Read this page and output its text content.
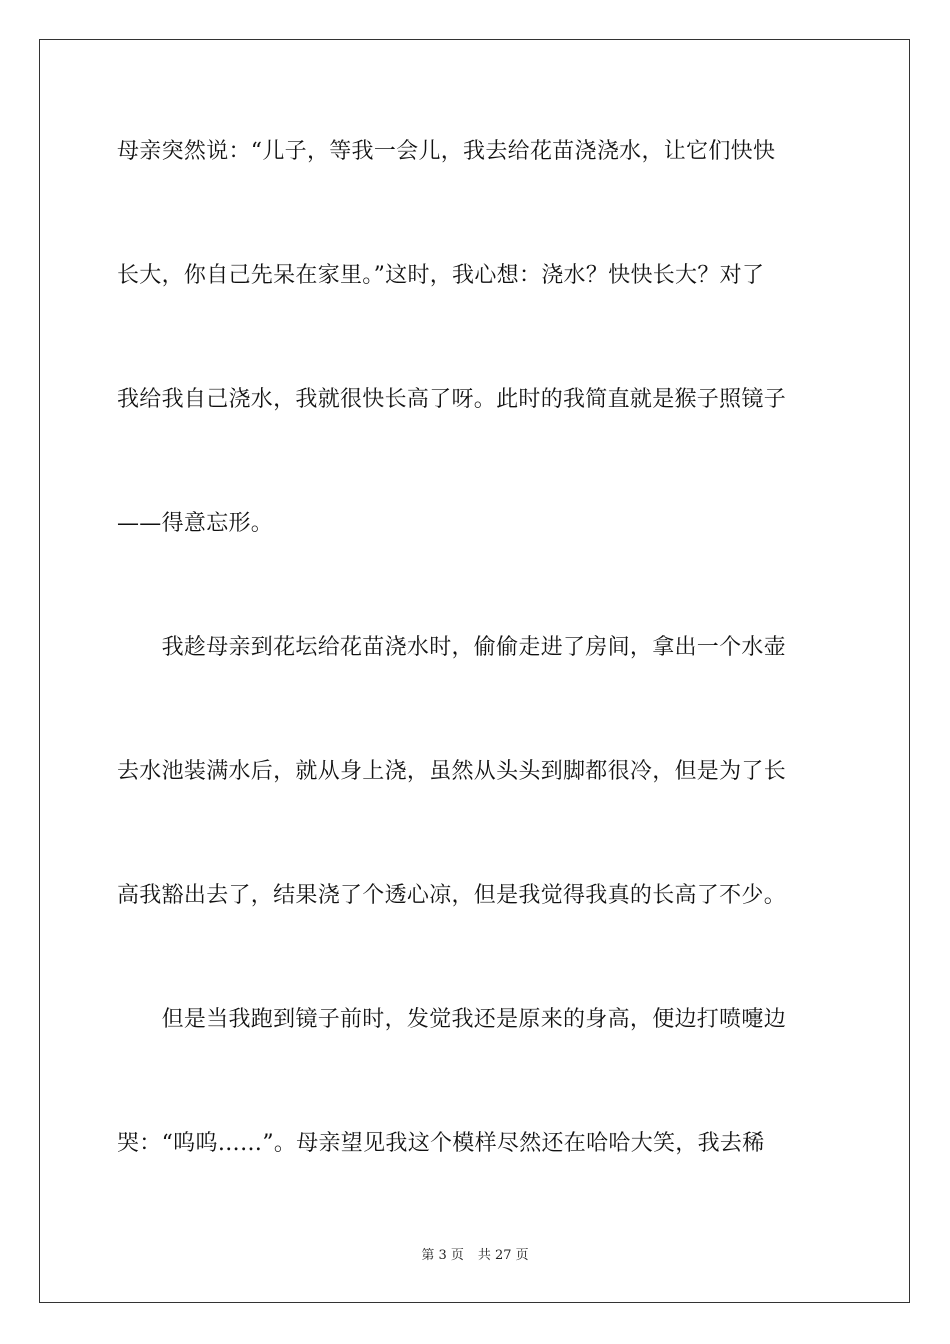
母亲突然说：“儿子，等我一会儿，我去给花苗浇浇水，让它们快快
长大，你自己先呆在家里。”这时，我心想：浇水？快快长大？对了
我给我自己浇水，我就很快长高了呀。此时的我简直就是猴子照镜子
——得意忘形。
　　我趁母亲到花坛给花苗浇水时，偷偷走进了房间，拿出一个水壶
去水池装满水后，就从身上浇，虽然从头头到脚都很冷，但是为了长
高我豁出去了，结果浇了个透心凉，但是我觉得我真的长高了不少。
　　但是当我跑到镜子前时，发觉我还是原来的身高，便边打喷嚏边
哭：“呜呜……”。母亲望见我这个模样尽然还在哈哈大笑，我去稀
第 3 页 共 27 页
